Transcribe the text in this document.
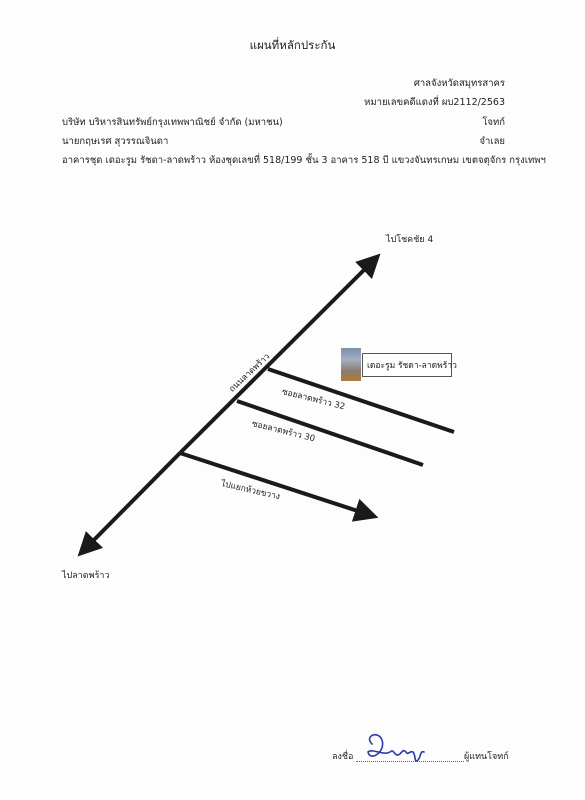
แผนที่หลักประกัน
ศาลจังหวัดสมุทรสาคร
หมายเลขคดีแดงที่ ผบ2112/2563
บริษัท บริหารสินทรัพย์กรุงเทพพาณิชย์ จำกัด (มหาชน)	โจทก์
นายกฤษเรศ สุวรรณจินดา	จำเลย
อาคารชุด เดอะรูม รัชดา-ลาดพร้าว ห้องชุดเลขที่ 518/199 ชั้น 3 อาคาร 518 บี แขวงจันทรเกษม เขตจตุจักร กรุงเทพฯ
ไปโชคชัย 4
ไปลาดพร้าว
ถนนลาดพร้าว
ซอยลาดพร้าว 32
ซอยลาดพร้าว 30
ไปแยกห้วยขวาง
เดอะรูม รัชดา-ลาดพร้าว
ลงชื่อ	ผู้แทนโจทก์
